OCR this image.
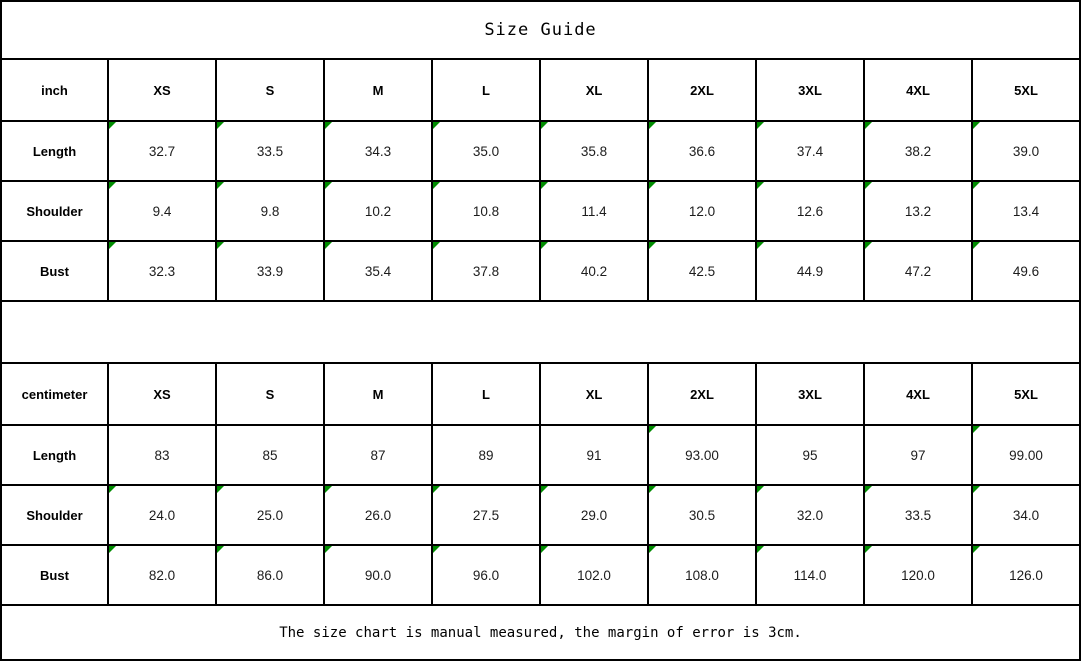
Size Guide
inch	XS	S	M	L	XL	2XL	3XL	4XL	5XL
Length	32.7	33.5	34.3	35.0	35.8	36.6	37.4	38.2	39.0
Shoulder	9.4	9.8	10.2	10.8	11.4	12.0	12.6	13.2	13.4
Bust	32.3	33.9	35.4	37.8	40.2	42.5	44.9	47.2	49.6
centimeter	XS	S	M	L	XL	2XL	3XL	4XL	5XL
Length	83	85	87	89	91	93.00	95	97	99.00
Shoulder	24.0	25.0	26.0	27.5	29.0	30.5	32.0	33.5	34.0
Bust	82.0	86.0	90.0	96.0	102.0	108.0	114.0	120.0	126.0
The size chart is manual measured, the margin of error is 3cm.
